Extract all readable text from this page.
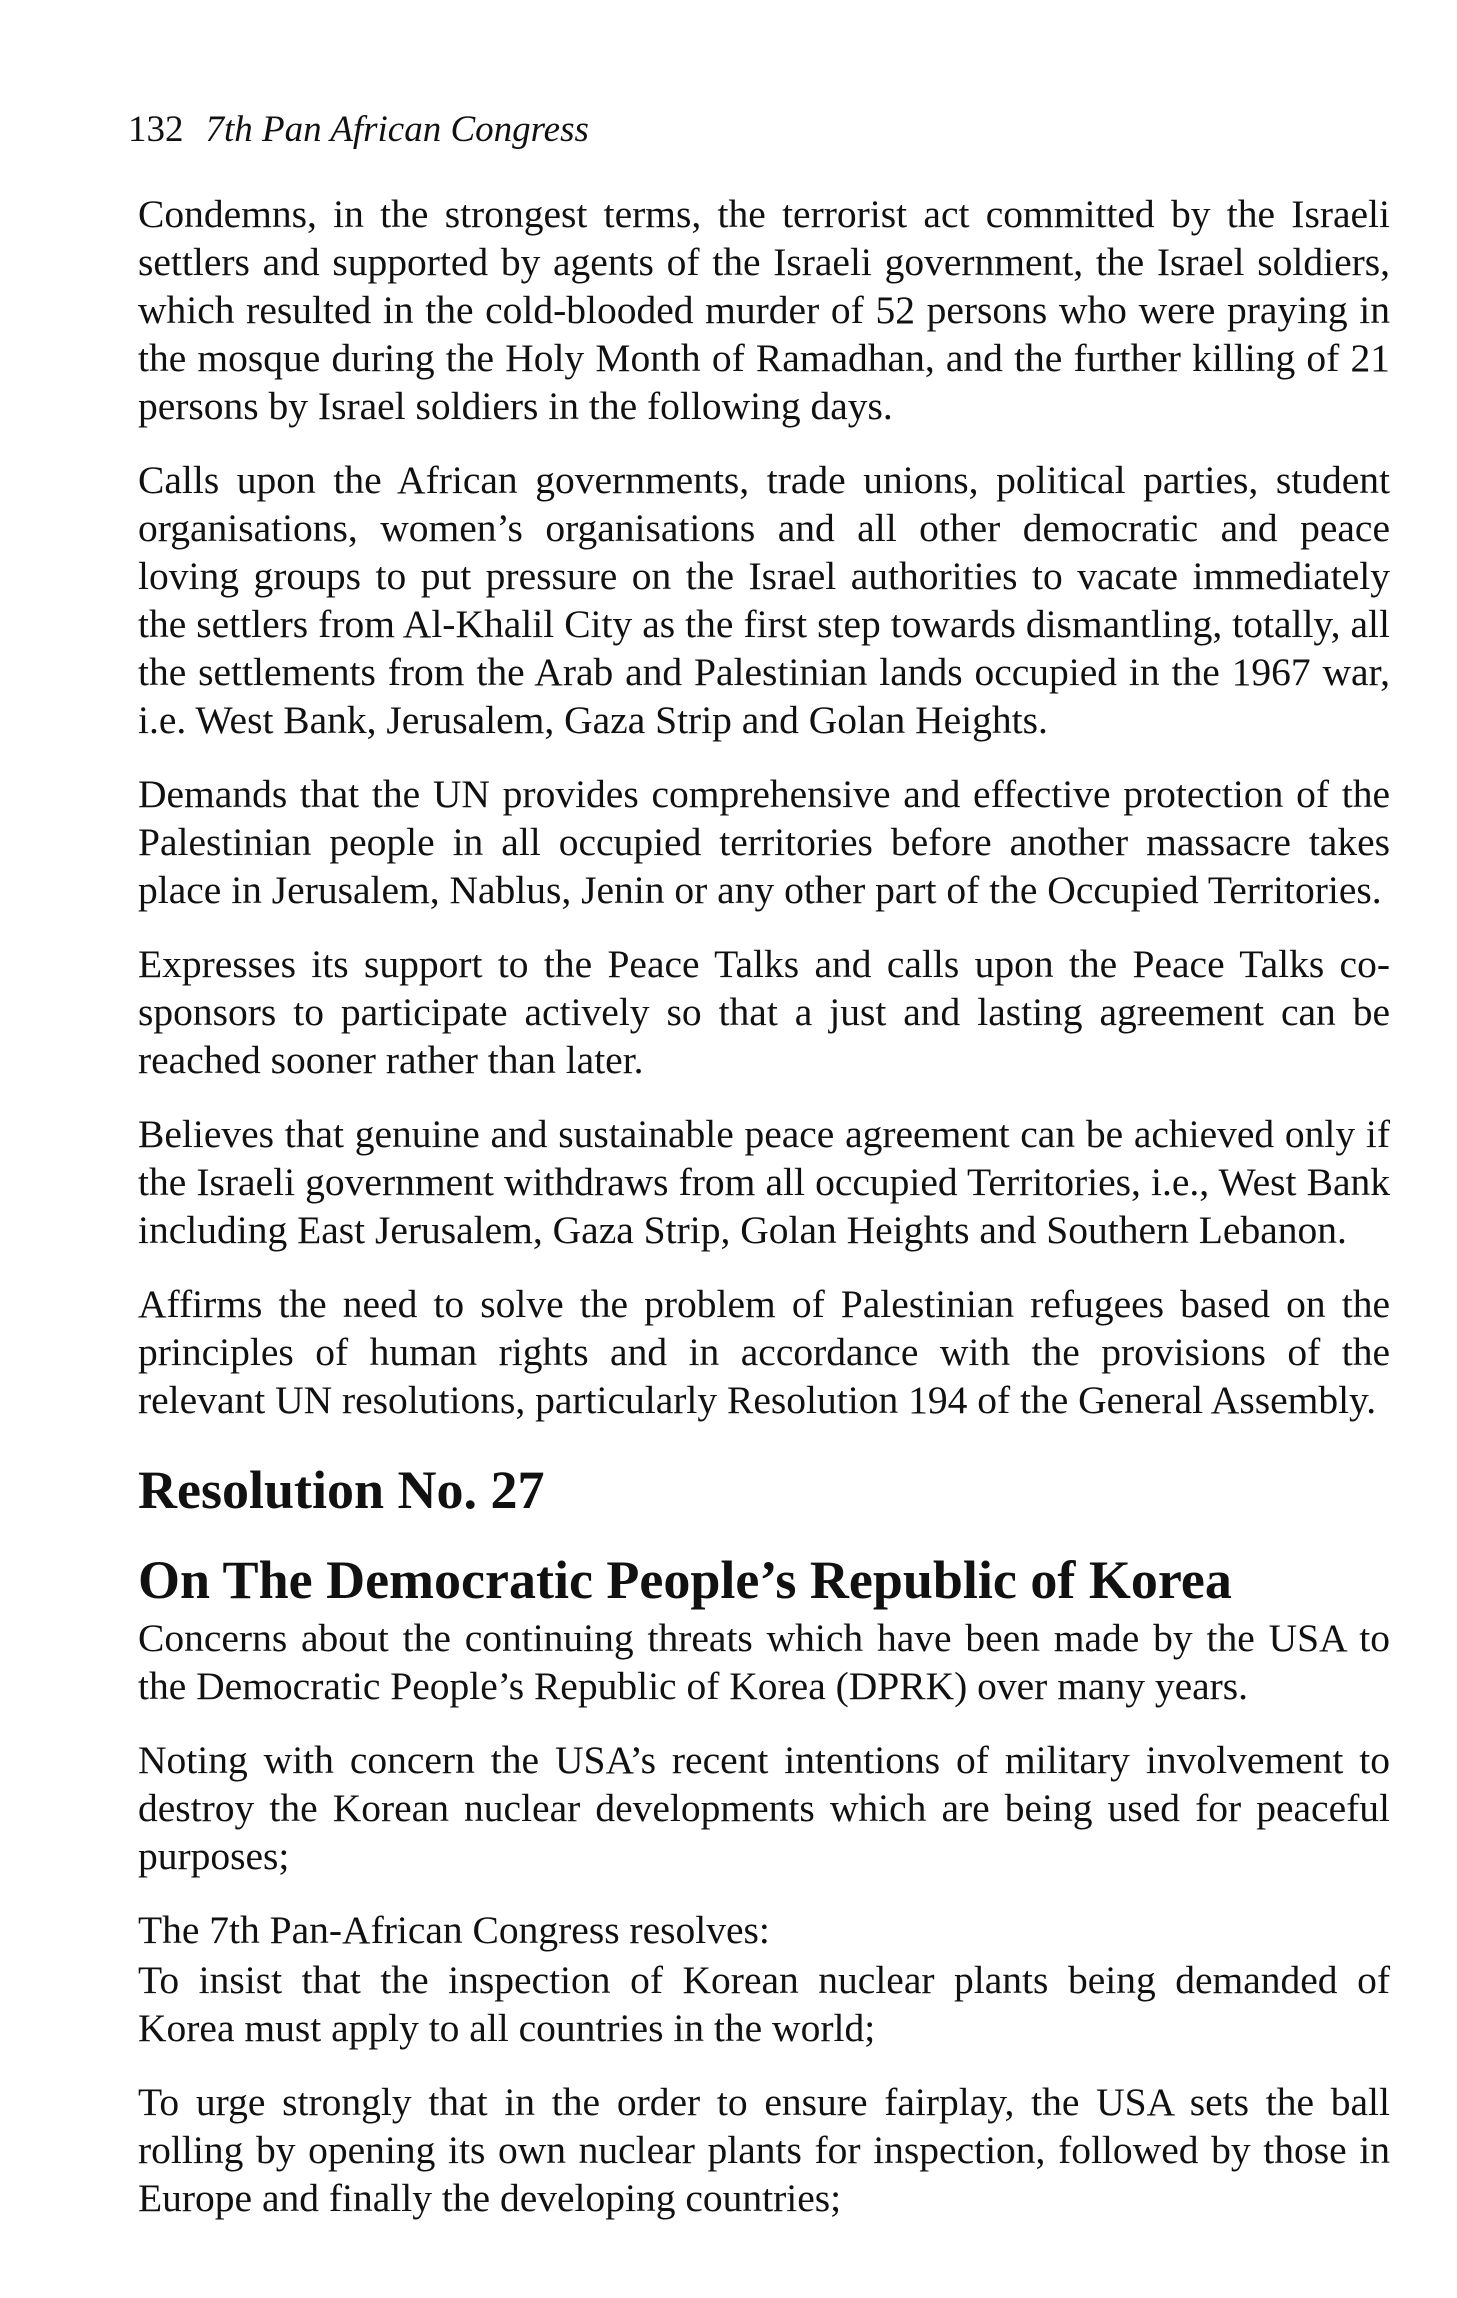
132 7th Pan African Congress

Condemns, in the strongest terms, the terrorist act committed by the Israeli settlers and supported by agents of the Israeli government, the Israel soldiers, which resulted in the cold-blooded murder of 52 persons who were praying in the mosque during the Holy Month of Ramadhan, and the further killing of 21 persons by Israel soldiers in the following days.

Calls upon the African governments, trade unions, political parties, student organisations, women’s organisations and all other democratic and peace loving groups to put pressure on the Israel authorities to vacate immediately the settlers from Al-Khalil City as the first step towards dismantling, totally, all the settlements from the Arab and Palestinian lands occupied in the 1967 war, i.e. West Bank, Jerusalem, Gaza Strip and Golan Heights.

Demands that the UN provides comprehensive and effective protection of the Palestinian people in all occupied territories before another massacre takes place in Jerusalem, Nablus, Jenin or any other part of the Occupied Territories.

Expresses its support to the Peace Talks and calls upon the Peace Talks co-sponsors to participate actively so that a just and lasting agreement can be reached sooner rather than later.

Believes that genuine and sustainable peace agreement can be achieved only if the Israeli government withdraws from all occupied Territories, i.e., West Bank including East Jerusalem, Gaza Strip, Golan Heights and Southern Lebanon.

Affirms the need to solve the problem of Palestinian refugees based on the principles of human rights and in accordance with the provisions of the relevant UN resolutions, particularly Resolution 194 of the General Assembly.

Resolution No. 27
On The Democratic People’s Republic of Korea

Concerns about the continuing threats which have been made by the USA to the Democratic People’s Republic of Korea (DPRK) over many years.

Noting with concern the USA’s recent intentions of military involvement to destroy the Korean nuclear developments which are being used for peaceful purposes;

The 7th Pan-African Congress resolves:

To insist that the inspection of Korean nuclear plants being demanded of Korea must apply to all countries in the world;

To urge strongly that in the order to ensure fairplay, the USA sets the ball rolling by opening its own nuclear plants for inspection, followed by those in Europe and finally the developing countries;
